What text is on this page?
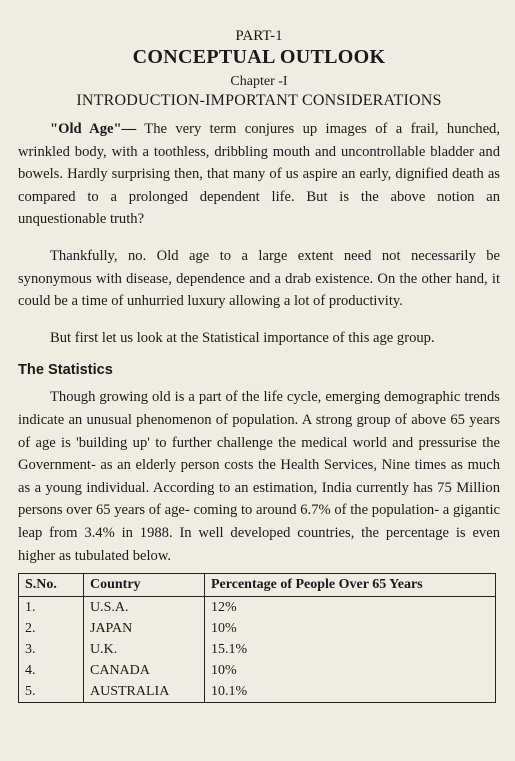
PART-1
CONCEPTUAL OUTLOOK
Chapter -I
INTRODUCTION-IMPORTANT CONSIDERATIONS

"Old Age"— The very term conjures up images of a frail, hunched, wrinkled body, with a toothless, dribbling mouth and uncontrollable bladder and bowels. Hardly surprising then, that many of us aspire an early, dignified death as compared to a prolonged dependent life. But is the above notion an unquestionable truth?

Thankfully, no. Old age to a large extent need not necessarily be synonymous with disease, dependence and a drab existence. On the other hand, it could be a time of unhurried luxury allowing a lot of productivity.

But first let us look at the Statistical importance of this age group.

The Statistics

Though growing old is a part of the life cycle, emerging demographic trends indicate an unusual phenomenon of population. A strong group of above 65 years of age is 'building up' to further challenge the medical world and pressurise the Government- as an elderly person costs the Health Services, Nine times as much as a young individual. According to an estimation, India currently has 75 Million persons over 65 years of age- coming to around 6.7% of the population- a gigantic leap from 3.4% in 1988. In well developed countries, the percentage is even higher as tubulated below.

S.No.	Country	Percentage of People Over 65 Years
1.	U.S.A.	12%
2.	JAPAN	10%
3.	U.K.	15.1%
4.	CANADA	10%
5.	AUSTRALIA	10.1%
